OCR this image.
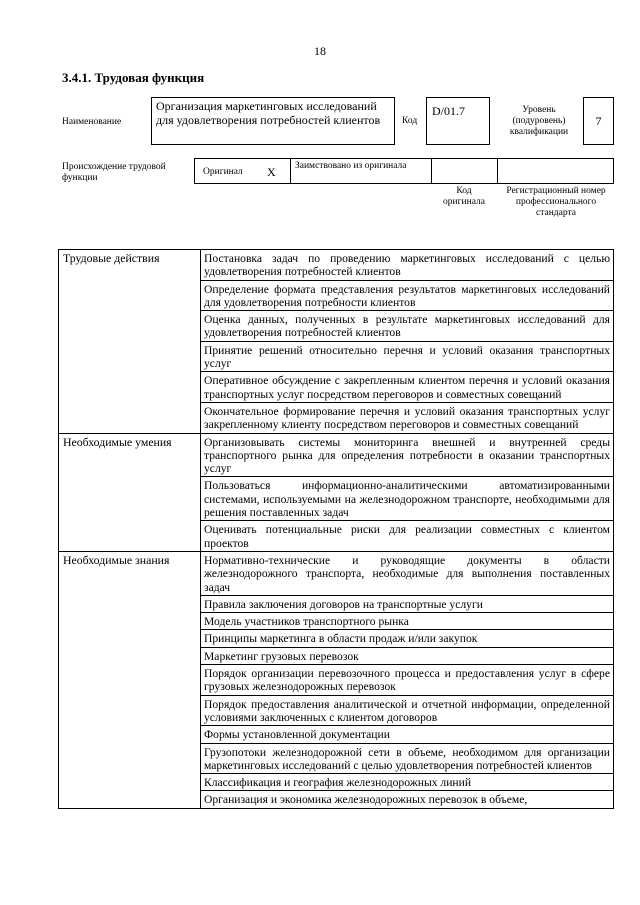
18
3.4.1. Трудовая функция
Наименование
Организация маркетинговых исследований для удовлетворения потребностей клиентов	Код
D/01.7	Уровень (подуровень) квалификации
7
Происхождение трудовой функции
Оригинал X Заимствовано из оригинала
Код оригинала
Регистрационный номер профессионального стандарта
Трудовые действия	Постановка задач по проведению маркетинговых исследований с целью удовлетворения потребностей клиентов
	Определение формата представления результатов маркетинговых исследований для удовлетворения потребности клиентов
	Оценка данных, полученных в результате маркетинговых исследований для удовлетворения потребностей клиентов
	Принятие решений относительно перечня и условий оказания транспортных услуг
	Оперативное обсуждение с закрепленным клиентом перечня и условий оказания транспортных услуг посредством переговоров и совместных совещаний
	Окончательное формирование перечня и условий оказания транспортных услуг закрепленному клиенту посредством переговоров и совместных совещаний
Необходимые умения	Организовывать системы мониторинга внешней и внутренней среды транспортного рынка для определения потребности в оказании транспортных услуг
	Пользоваться информационно-аналитическими автоматизированными системами, используемыми на железнодорожном транспорте, необходимыми для решения поставленных задач
	Оценивать потенциальные риски для реализации совместных с клиентом проектов
Необходимые знания	Нормативно-технические и руководящие документы в области железнодорожного транспорта, необходимые для выполнения поставленных задач
	Правила заключения договоров на транспортные услуги
	Модель участников транспортного рынка
	Принципы маркетинга в области продаж и/или закупок
	Маркетинг грузовых перевозок
	Порядок организации перевозочного процесса и предоставления услуг в сфере грузовых железнодорожных перевозок
	Порядок предоставления аналитической и отчетной информации, определенной условиями заключенных с клиентом договоров
	Формы установленной документации
	Грузопотоки железнодорожной сети в объеме, необходимом для организации маркетинговых исследований с целью удовлетворения потребностей клиентов
	Классификация и география железнодорожных линий
	Организация и экономика железнодорожных перевозок в объеме,
